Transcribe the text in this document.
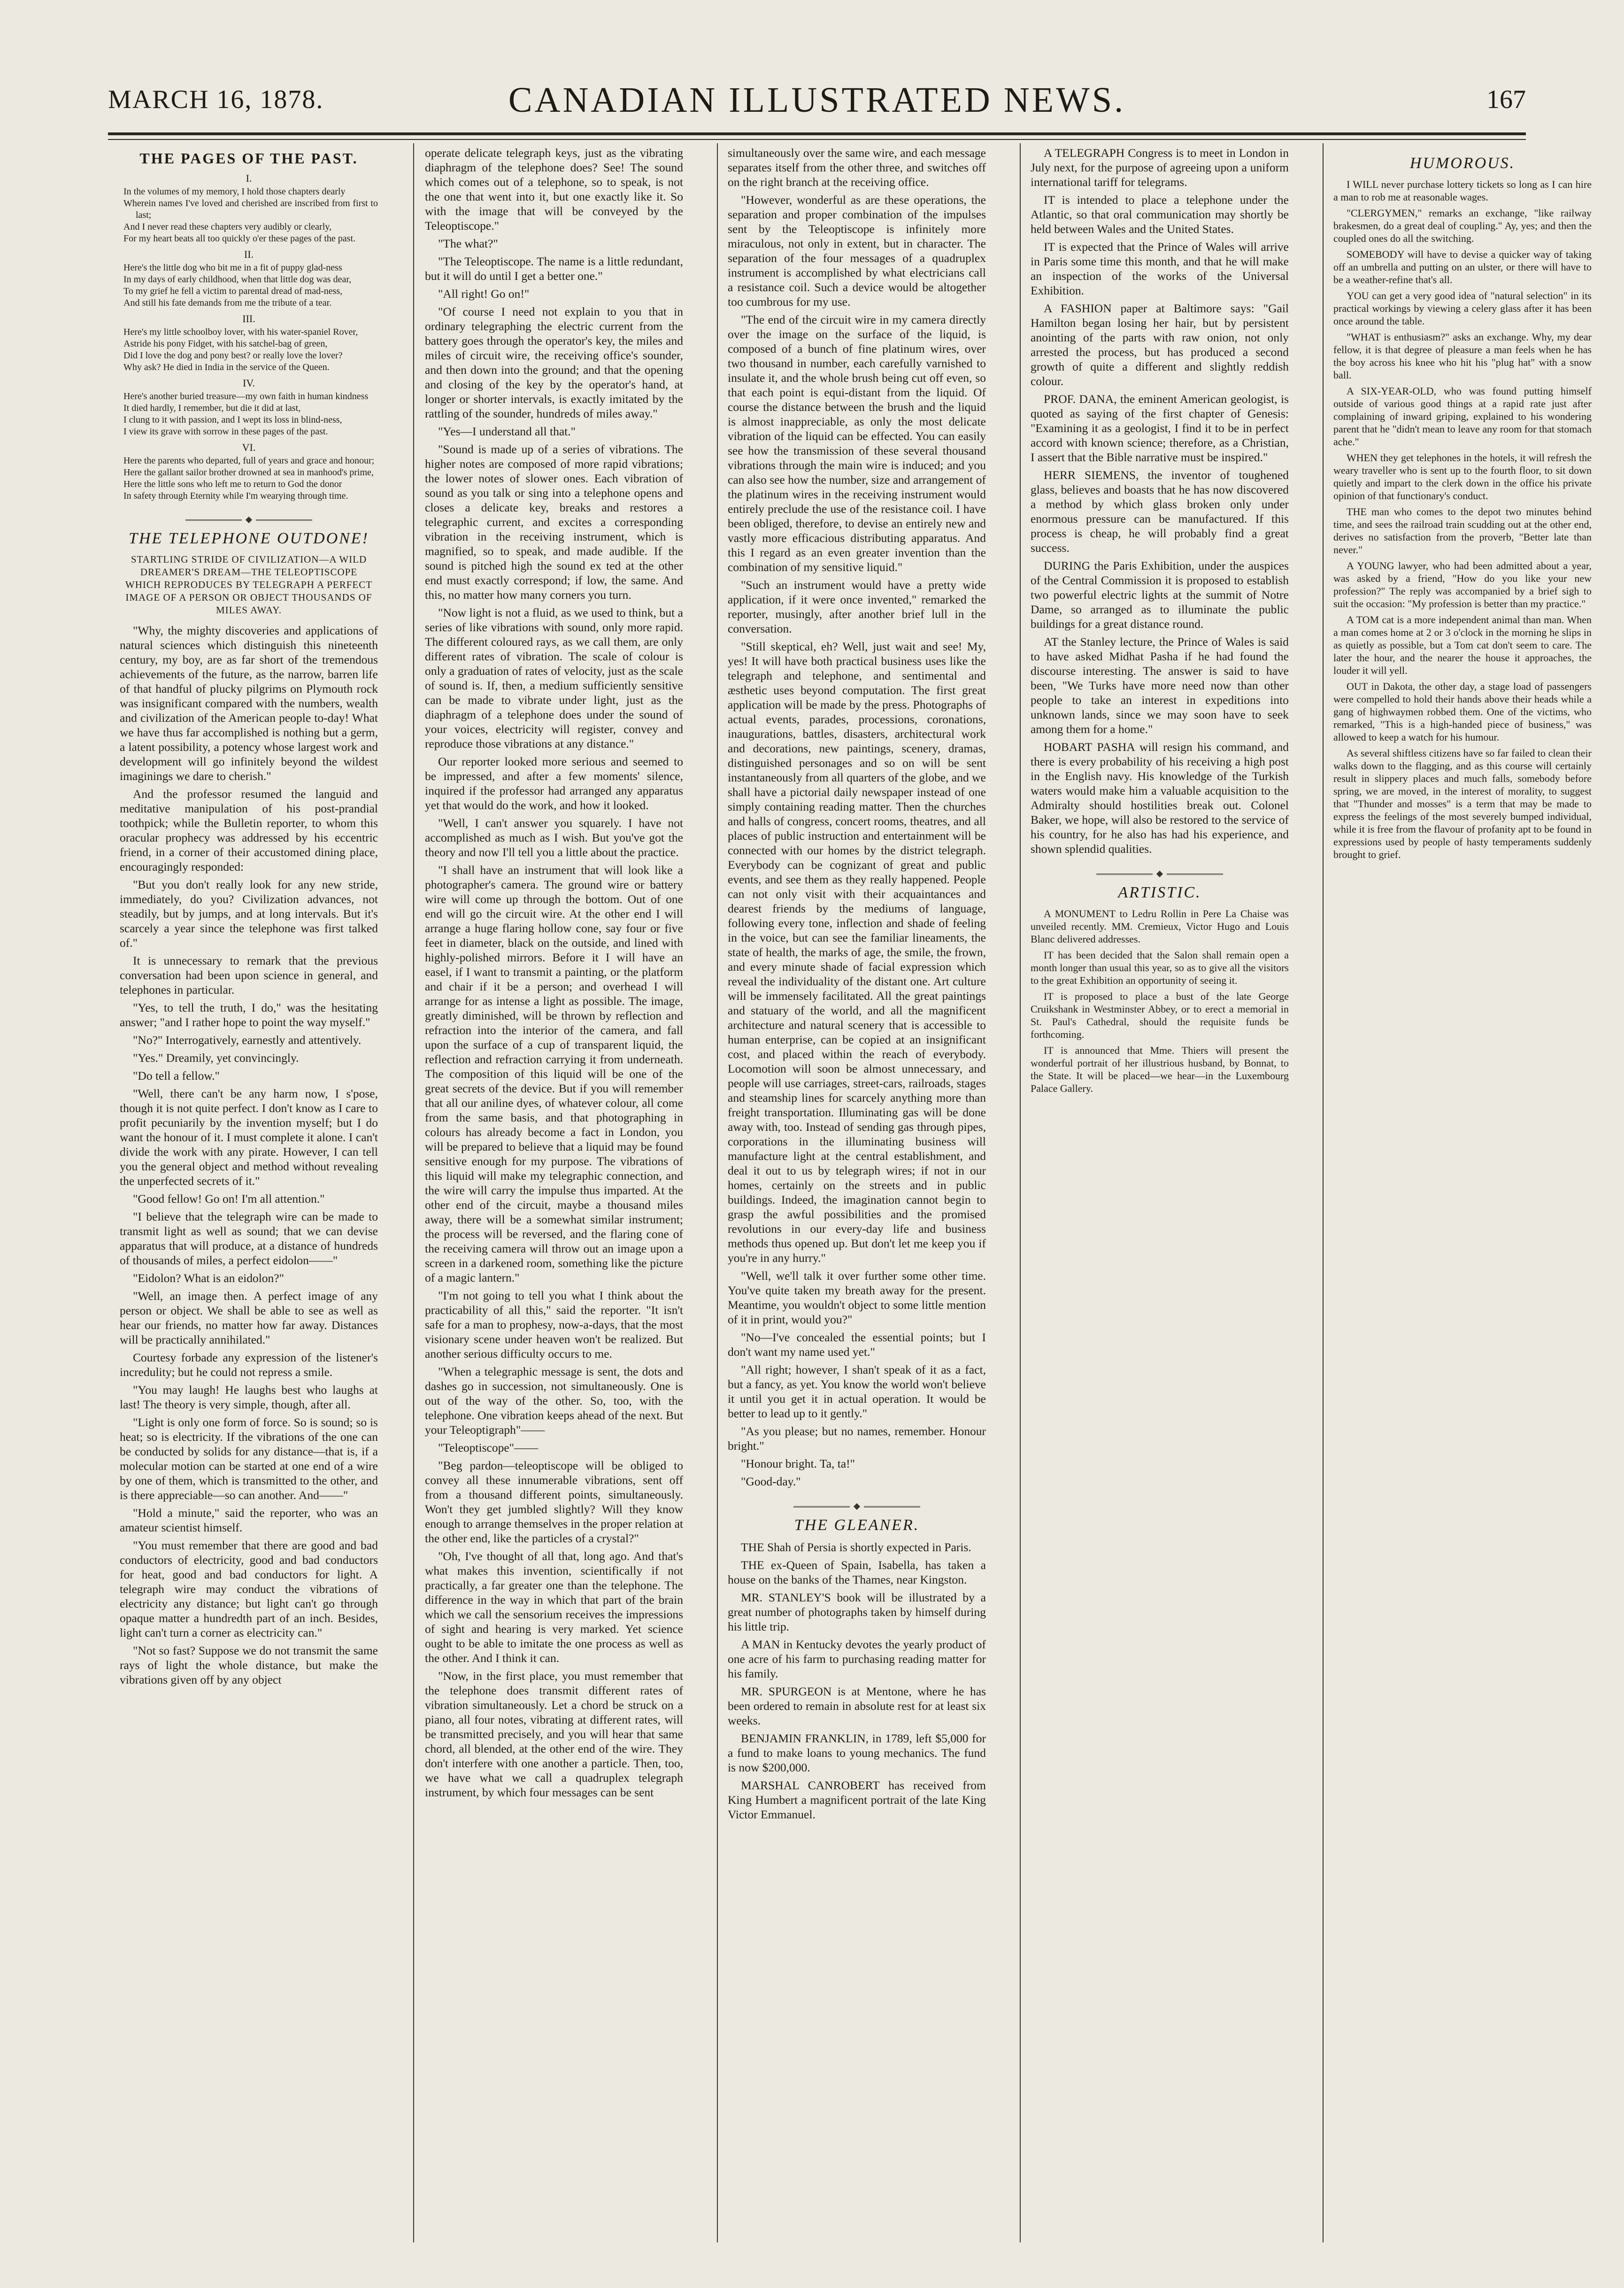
MARCH 16, 1878.	CANADIAN ILLUSTRATED NEWS.	167

THE PAGES OF THE PAST.

I.
In the volumes of my memory, I hold those chapters dearly
Wherein names I've loved and cherished are inscribed from first to last;
And I never read these chapters very audibly or clearly,
For my heart beats all too quickly o'er these pages of the past.
II.
Here's the little dog who bit me in a fit of puppy glad-ness
In my days of early childhood, when that little dog was dear,
To my grief he fell a victim to parental dread of mad-ness,
And still his fate demands from me the tribute of a tear.
III.
Here's my little schoolboy lover, with his water-spaniel Rover,
Astride his pony Fidget, with his satchel-bag of green,
Did I love the dog and pony best? or really love the lover?
Why ask? He died in India in the service of the Queen.
IV.
Here's another buried treasure—my own faith in human kindness
It died hardly, I remember, but die it did at last,
I clung to it with passion, and I wept its loss in blind-ness,
I view its grave with sorrow in these pages of the past.
VI.
Here the parents who departed, full of years and grace and honour;
Here the gallant sailor brother drowned at sea in manhood's prime,
Here the little sons who left me to return to God the donor
In safety through Eternity while I'm wearying through time.

THE TELEPHONE OUTDONE!

STARTLING STRIDE OF CIVILIZATION—A WILD DREAMER'S DREAM—THE TELEOPTISCOPE WHICH REPRODUCES BY TELEGRAPH A PERFECT IMAGE OF A PERSON OR OBJECT THOUSANDS OF MILES AWAY.

"Why, the mighty discoveries and applications of natural sciences which distinguish this nineteenth century, my boy, are as far short of the tremendous achievements of the future, as the narrow, barren life of that handful of plucky pilgrims on Plymouth rock was insignificant compared with the numbers, wealth and civilization of the American people to-day! What we have thus far accomplished is nothing but a germ, a latent possibility, a potency whose largest work and development will go infinitely beyond the wildest imaginings we dare to cherish."

And the professor resumed the languid and meditative manipulation of his post-prandial toothpick; while the Bulletin reporter, to whom this oracular prophecy was addressed by his eccentric friend, in a corner of their accustomed dining place, encouragingly responded:

"But you don't really look for any new stride, immediately, do you? Civilization advances, not steadily, but by jumps, and at long intervals. But it's scarcely a year since the telephone was first talked of."

It is unnecessary to remark that the previous conversation had been upon science in general, and telephones in particular.

"Yes, to tell the truth, I do," was the hesitating answer; "and I rather hope to point the way myself."

"No?" Interrogatively, earnestly and attentively.

"Yes." Dreamily, yet convincingly.

"Do tell a fellow."

"Well, there can't be any harm now, I s'pose, though it is not quite perfect. I don't know as I care to profit pecuniarily by the invention myself; but I do want the honour of it. I must complete it alone. I can't divide the work with any pirate. However, I can tell you the general object and method without revealing the unperfected secrets of it."

"Good fellow! Go on! I'm all attention."

"I believe that the telegraph wire can be made to transmit light as well as sound; that we can devise apparatus that will produce, at a distance of hundreds of thousands of miles, a perfect eidolon——"

"Eidolon? What is an eidolon?"

"Well, an image then. A perfect image of any person or object. We shall be able to see as well as hear our friends, no matter how far away. Distances will be practically annihilated."

Courtesy forbade any expression of the listener's incredulity; but he could not repress a smile.

"You may laugh! He laughs best who laughs at last! The theory is very simple, though, after all.

"Light is only one form of force. So is sound; so is heat; so is electricity. If the vibrations of the one can be conducted by solids for any distance—that is, if a molecular motion can be started at one end of a wire by one of them, which is transmitted to the other, and is there appreciable—so can another. And——"

"Hold a minute," said the reporter, who was an amateur scientist himself.

"You must remember that there are good and bad conductors of electricity, good and bad conductors for heat, good and bad conductors for light. A telegraph wire may conduct the vibrations of electricity any distance; but light can't go through opaque matter a hundredth part of an inch. Besides, light can't turn a corner as electricity can."

"Not so fast? Suppose we do not transmit the same rays of light the whole distance, but make the vibrations given off by any object

operate delicate telegraph keys, just as the vibrating diaphragm of the telephone does? See! The sound which comes out of a telephone, so to speak, is not the one that went into it, but one exactly like it. So with the image that will be conveyed by the Teleoptiscope."

"The what?"

"The Teleoptiscope. The name is a little redundant, but it will do until I get a better one."

"All right! Go on!"

"Of course I need not explain to you that in ordinary telegraphing the electric current from the battery goes through the operator's key, the miles and miles of circuit wire, the receiving office's sounder, and then down into the ground; and that the opening and closing of the key by the operator's hand, at longer or shorter intervals, is exactly imitated by the rattling of the sounder, hundreds of miles away."

"Yes—I understand all that."

"Sound is made up of a series of vibrations. The higher notes are composed of more rapid vibrations; the lower notes of slower ones. Each vibration of sound as you talk or sing into a telephone opens and closes a delicate key, breaks and restores a telegraphic current, and excites a corresponding vibration in the receiving instrument, which is magnified, so to speak, and made audible. If the sound is pitched high the sound ex ted at the other end must exactly correspond; if low, the same. And this, no matter how many corners you turn.

"Now light is not a fluid, as we used to think, but a series of like vibrations with sound, only more rapid. The different coloured rays, as we call them, are only different rates of vibration. The scale of colour is only a graduation of rates of velocity, just as the scale of sound is. If, then, a medium sufficiently sensitive can be made to vibrate under light, just as the diaphragm of a telephone does under the sound of your voices, electricity will register, convey and reproduce those vibrations at any distance."

Our reporter looked more serious and seemed to be impressed, and after a few moments' silence, inquired if the professor had arranged any apparatus yet that would do the work, and how it looked.

"Well, I can't answer you squarely. I have not accomplished as much as I wish. But you've got the theory and now I'll tell you a little about the practice.

"I shall have an instrument that will look like a photographer's camera. The ground wire or battery wire will come up through the bottom. Out of one end will go the circuit wire. At the other end I will arrange a huge flaring hollow cone, say four or five feet in diameter, black on the outside, and lined with highly-polished mirrors. Before it I will have an easel, if I want to transmit a painting, or the platform and chair if it be a person; and overhead I will arrange for as intense a light as possible. The image, greatly diminished, will be thrown by reflection and refraction into the interior of the camera, and fall upon the surface of a cup of transparent liquid, the reflection and refraction carrying it from underneath. The composition of this liquid will be one of the great secrets of the device. But if you will remember that all our aniline dyes, of whatever colour, all come from the same basis, and that photographing in colours has already become a fact in London, you will be prepared to believe that a liquid may be found sensitive enough for my purpose. The vibrations of this liquid will make my telegraphic connection, and the wire will carry the impulse thus imparted. At the other end of the circuit, maybe a thousand miles away, there will be a somewhat similar instrument; the process will be reversed, and the flaring cone of the receiving camera will throw out an image upon a screen in a darkened room, something like the picture of a magic lantern."

"I'm not going to tell you what I think about the practicability of all this," said the reporter. "It isn't safe for a man to prophesy, now-a-days, that the most visionary scene under heaven won't be realized. But another serious difficulty occurs to me.

"When a telegraphic message is sent, the dots and dashes go in succession, not simultaneously. One is out of the way of the other. So, too, with the telephone. One vibration keeps ahead of the next. But your Teleoptigraph"——

"Teleoptiscope"——

"Beg pardon—teleoptiscope will be obliged to convey all these innumerable vibrations, sent off from a thousand different points, simultaneously. Won't they get jumbled slightly? Will they know enough to arrange themselves in the proper relation at the other end, like the particles of a crystal?"

"Oh, I've thought of all that, long ago. And that's what makes this invention, scientifically if not practically, a far greater one than the telephone. The difference in the way in which that part of the brain which we call the sensorium receives the impressions of sight and hearing is very marked. Yet science ought to be able to imitate the one process as well as the other. And I think it can.

"Now, in the first place, you must remember that the telephone does transmit different rates of vibration simultaneously. Let a chord be struck on a piano, all four notes, vibrating at different rates, will be transmitted precisely, and you will hear that same chord, all blended, at the other end of the wire. They don't interfere with one another a particle. Then, too, we have what we call a quadruplex telegraph instrument, by which four messages can be sent

simultaneously over the same wire, and each message separates itself from the other three, and switches off on the right branch at the receiving office.

"However, wonderful as are these operations, the separation and proper combination of the impulses sent by the Teleoptiscope is infinitely more miraculous, not only in extent, but in character. The separation of the four messages of a quadruplex instrument is accomplished by what electricians call a resistance coil. Such a device would be altogether too cumbrous for my use.

"The end of the circuit wire in my camera directly over the image on the surface of the liquid, is composed of a bunch of fine platinum wires, over two thousand in number, each carefully varnished to insulate it, and the whole brush being cut off even, so that each point is equi-distant from the liquid. Of course the distance between the brush and the liquid is almost inappreciable, as only the most delicate vibration of the liquid can be effected. You can easily see how the transmission of these several thousand vibrations through the main wire is induced; and you can also see how the number, size and arrangement of the platinum wires in the receiving instrument would entirely preclude the use of the resistance coil. I have been obliged, therefore, to devise an entirely new and vastly more efficacious distributing apparatus. And this I regard as an even greater invention than the combination of my sensitive liquid."

"Such an instrument would have a pretty wide application, if it were once invented," remarked the reporter, musingly, after another brief lull in the conversation.

"Still skeptical, eh? Well, just wait and see! My, yes! It will have both practical business uses like the telegraph and telephone, and sentimental and æsthetic uses beyond computation. The first great application will be made by the press. Photographs of actual events, parades, processions, coronations, inaugurations, battles, disasters, architectural work and decorations, new paintings, scenery, dramas, distinguished personages and so on will be sent instantaneously from all quarters of the globe, and we shall have a pictorial daily newspaper instead of one simply containing reading matter. Then the churches and halls of congress, concert rooms, theatres, and all places of public instruction and entertainment will be connected with our homes by the district telegraph. Everybody can be cognizant of great and public events, and see them as they really happened. People can not only visit with their acquaintances and dearest friends by the mediums of language, following every tone, inflection and shade of feeling in the voice, but can see the familiar lineaments, the state of health, the marks of age, the smile, the frown, and every minute shade of facial expression which reveal the individuality of the distant one. Art culture will be immensely facilitated. All the great paintings and statuary of the world, and all the magnificent architecture and natural scenery that is accessible to human enterprise, can be copied at an insignificant cost, and placed within the reach of everybody. Locomotion will soon be almost unnecessary, and people will use carriages, street-cars, railroads, stages and steamship lines for scarcely anything more than freight transportation. Illuminating gas will be done away with, too. Instead of sending gas through pipes, corporations in the illuminating business will manufacture light at the central establishment, and deal it out to us by telegraph wires; if not in our homes, certainly on the streets and in public buildings. Indeed, the imagination cannot begin to grasp the awful possibilities and the promised revolutions in our every-day life and business methods thus opened up. But don't let me keep you if you're in any hurry."

"Well, we'll talk it over further some other time. You've quite taken my breath away for the present. Meantime, you wouldn't object to some little mention of it in print, would you?"

"No—I've concealed the essential points; but I don't want my name used yet."

"All right; however, I shan't speak of it as a fact, but a fancy, as yet. You know the world won't believe it until you get it in actual operation. It would be better to lead up to it gently."

"As you please; but no names, remember. Honour bright."

"Honour bright. Ta, ta!"

"Good-day."

THE GLEANER.

THE Shah of Persia is shortly expected in Paris.

THE ex-Queen of Spain, Isabella, has taken a house on the banks of the Thames, near Kingston.

MR. STANLEY'S book will be illustrated by a great number of photographs taken by himself during his little trip.

A MAN in Kentucky devotes the yearly product of one acre of his farm to purchasing reading matter for his family.

MR. SPURGEON is at Mentone, where he has been ordered to remain in absolute rest for at least six weeks.

BENJAMIN FRANKLIN, in 1789, left $5,000 for a fund to make loans to young mechanics. The fund is now $200,000.

MARSHAL CANROBERT has received from King Humbert a magnificent portrait of the late King Victor Emmanuel.

A TELEGRAPH Congress is to meet in London in July next, for the purpose of agreeing upon a uniform international tariff for telegrams.

IT is intended to place a telephone under the Atlantic, so that oral communication may shortly be held between Wales and the United States.

IT is expected that the Prince of Wales will arrive in Paris some time this month, and that he will make an inspection of the works of the Universal Exhibition.

A FASHION paper at Baltimore says: "Gail Hamilton began losing her hair, but by persistent anointing of the parts with raw onion, not only arrested the process, but has produced a second growth of quite a different and slightly reddish colour.

PROF. DANA, the eminent American geologist, is quoted as saying of the first chapter of Genesis: "Examining it as a geologist, I find it to be in perfect accord with known science; therefore, as a Christian, I assert that the Bible narrative must be inspired."

HERR SIEMENS, the inventor of toughened glass, believes and boasts that he has now discovered a method by which glass broken only under enormous pressure can be manufactured. If this process is cheap, he will probably find a great success.

DURING the Paris Exhibition, under the auspices of the Central Commission it is proposed to establish two powerful electric lights at the summit of Notre Dame, so arranged as to illuminate the public buildings for a great distance round.

AT the Stanley lecture, the Prince of Wales is said to have asked Midhat Pasha if he had found the discourse interesting. The answer is said to have been, "We Turks have more need now than other people to take an interest in expeditions into unknown lands, since we may soon have to seek among them for a home."

HOBART PASHA will resign his command, and there is every probability of his receiving a high post in the English navy. His knowledge of the Turkish waters would make him a valuable acquisition to the Admiralty should hostilities break out. Colonel Baker, we hope, will also be restored to the service of his country, for he also has had his experience, and shown splendid qualities.

ARTISTIC.

A MONUMENT to Ledru Rollin in Pere La Chaise was unveiled recently. MM. Cremieux, Victor Hugo and Louis Blanc delivered addresses.

IT has been decided that the Salon shall remain open a month longer than usual this year, so as to give all the visitors to the great Exhibition an opportunity of seeing it.

IT is proposed to place a bust of the late George Cruikshank in Westminster Abbey, or to erect a memorial in St. Paul's Cathedral, should the requisite funds be forthcoming.

IT is announced that Mme. Thiers will present the wonderful portrait of her illustrious husband, by Bonnat, to the State. It will be placed—we hear—in the Luxembourg Palace Gallery.

HUMOROUS.

I WILL never purchase lottery tickets so long as I can hire a man to rob me at reasonable wages.

"CLERGYMEN," remarks an exchange, "like railway brakesmen, do a great deal of coupling." Ay, yes; and then the coupled ones do all the switching.

SOMEBODY will have to devise a quicker way of taking off an umbrella and putting on an ulster, or there will have to be a weather-refine that's all.

YOU can get a very good idea of "natural selection" in its practical workings by viewing a celery glass after it has been once around the table.

"WHAT is enthusiasm?" asks an exchange. Why, my dear fellow, it is that degree of pleasure a man feels when he has the boy across his knee who hit his "plug hat" with a snow ball.

A SIX-YEAR-OLD, who was found putting himself outside of various good things at a rapid rate just after complaining of inward griping, explained to his wondering parent that he "didn't mean to leave any room for that stomach ache."

WHEN they get telephones in the hotels, it will refresh the weary traveller who is sent up to the fourth floor, to sit down quietly and impart to the clerk down in the office his private opinion of that functionary's conduct.

THE man who comes to the depot two minutes behind time, and sees the railroad train scudding out at the other end, derives no satisfaction from the proverb, "Better late than never."

A YOUNG lawyer, who had been admitted about a year, was asked by a friend, "How do you like your new profession?" The reply was accompanied by a brief sigh to suit the occasion: "My profession is better than my practice."

A TOM cat is a more independent animal than man. When a man comes home at 2 or 3 o'clock in the morning he slips in as quietly as possible, but a Tom cat don't seem to care. The later the hour, and the nearer the house it approaches, the louder it will yell.

OUT in Dakota, the other day, a stage load of passengers were compelled to hold their hands above their heads while a gang of highwaymen robbed them. One of the victims, who remarked, "This is a high-handed piece of business," was allowed to keep a watch for his humour.

As several shiftless citizens have so far failed to clean their walks down to the flagging, and as this course will certainly result in slippery places and much falls, somebody before spring, we are moved, in the interest of morality, to suggest that "Thunder and mosses" is a term that may be made to express the feelings of the most severely bumped individual, while it is free from the flavour of profanity apt to be found in expressions used by people of hasty temperaments suddenly brought to grief.
